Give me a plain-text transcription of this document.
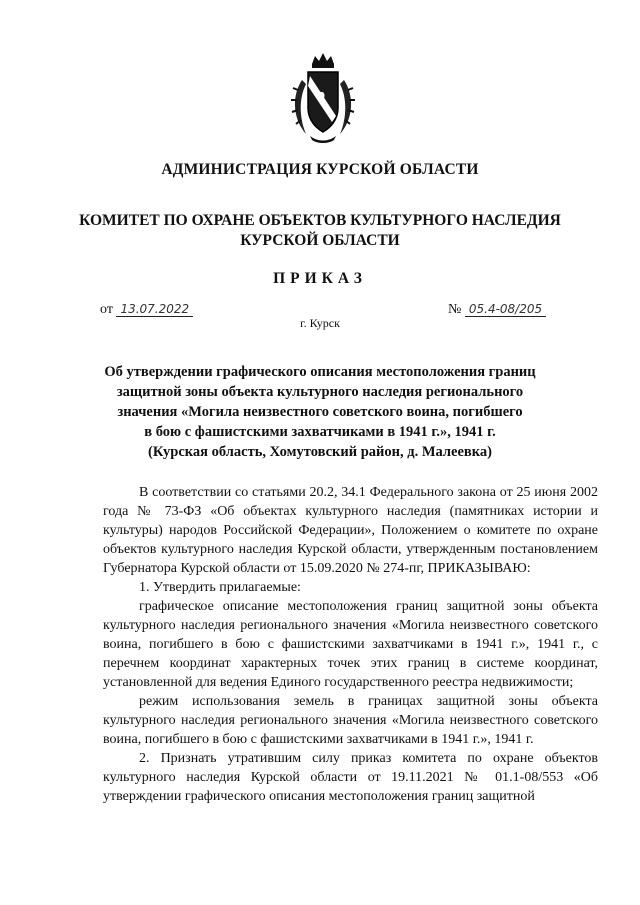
АДМИНИСТРАЦИЯ КУРСКОЙ ОБЛАСТИ
КОМИТЕТ ПО ОХРАНЕ ОБЪЕКТОВ КУЛЬТУРНОГО НАСЛЕДИЯ
КУРСКОЙ ОБЛАСТИ
ПРИКАЗ
от 13.07.2022	№ 05.4-08/205
г. Курск
Об утверждении графического описания местоположения границ
защитной зоны объекта культурного наследия регионального
значения «Могила неизвестного советского воина, погибшего
в бою с фашистскими захватчиками в 1941 г.», 1941 г.
(Курская область, Хомутовский район, д. Малеевка)

В соответствии со статьями 20.2, 34.1 Федерального закона от 25 июня 2002 года № 73-ФЗ «Об объектах культурного наследия (памятниках истории и культуры) народов Российской Федерации», Положением о комитете по охране объектов культурного наследия Курской области, утвержденным постановлением Губернатора Курской области от 15.09.2020 № 274-пг, ПРИКАЗЫВАЮ:

1. Утвердить прилагаемые:

графическое описание местоположения границ защитной зоны объекта культурного наследия регионального значения «Могила неизвестного советского воина, погибшего в бою с фашистскими захватчиками в 1941 г.», 1941 г., с перечнем координат характерных точек этих границ в системе координат, установленной для ведения Единого государственного реестра недвижимости;

режим использования земель в границах защитной зоны объекта культурного наследия регионального значения «Могила неизвестного советского воина, погибшего в бою с фашистскими захватчиками в 1941 г.», 1941 г.

2. Признать утратившим силу приказ комитета по охране объектов культурного наследия Курской области от 19.11.2021 № 01.1-08/553 «Об утверждении графического описания местоположения границ защитной
